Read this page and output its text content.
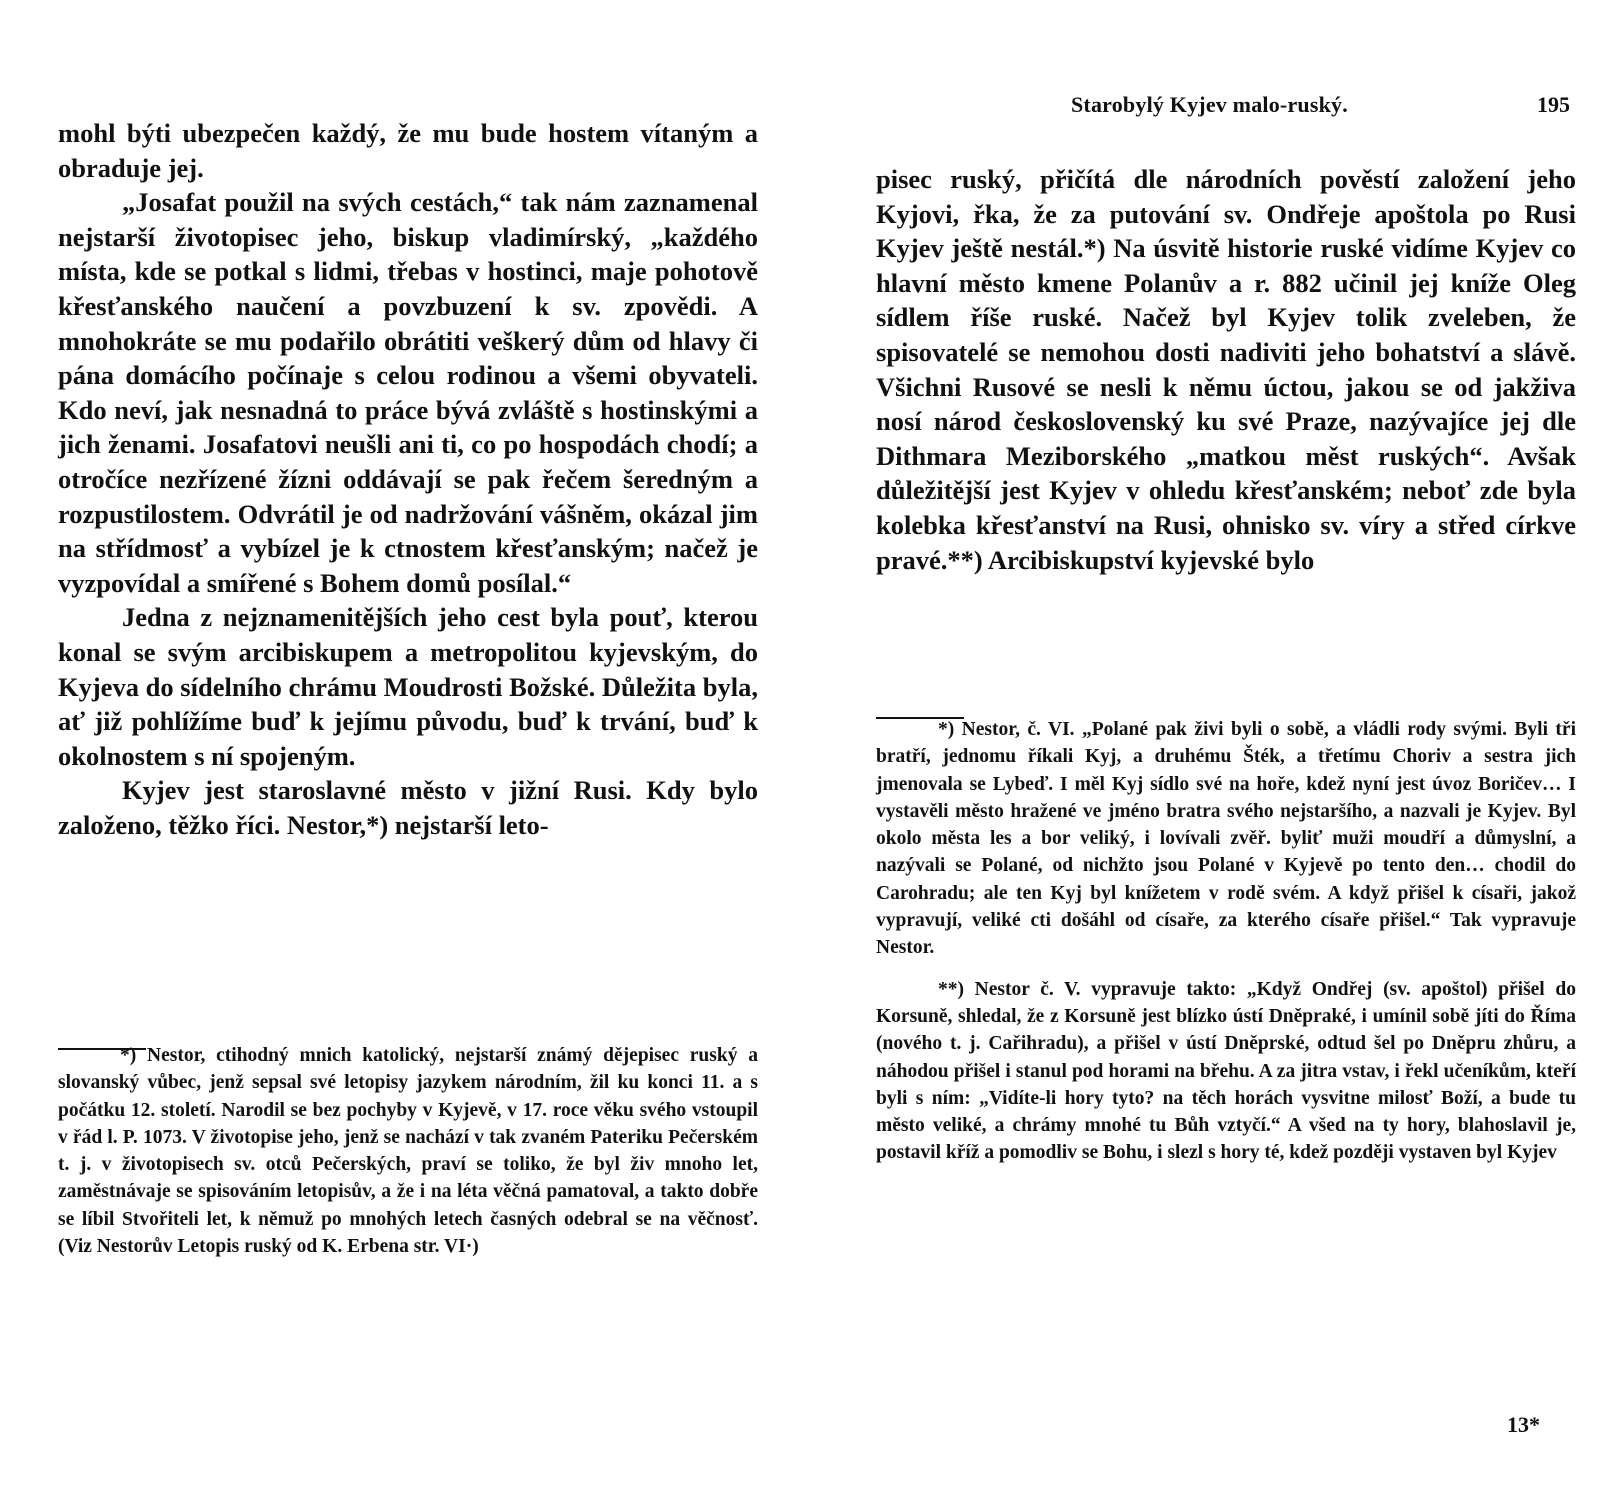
mohl býti ubezpečen každý, že mu bude hostem vítaným a obraduje jej.

„Josafat použil na svých cestách,“ tak nám zaznamenal nejstarší životopisec jeho, biskup vladimírský, „každého místa, kde se potkal s lidmi, třebas v hostinci, maje pohotově křesťanského naučení a povzbuzení k sv. zpovědi. A mnohokráte se mu podařilo obrátiti veškerý dům od hlavy či pána domácího počínaje s celou rodinou a všemi obyvateli. Kdo neví, jak nesnadná to práce bývá zvláště s hostinskými a jich ženami. Josafatovi neušli ani ti, co po hospodách chodí; a otročíce nezřízené žízni oddávají se pak řečem šeredným a rozpustilostem. Odvrátil je od nadržování vášněm, okázal jim na střídmosť a vybízel je k ctnostem křesťanským; načež je vyzpovídal a smířené s Bohem domů posílal.“

Jedna z nejznamenitějších jeho cest byla pouť, kterou konal se svým arcibiskupem a metropolitou kyjevským, do Kyjeva do sídelního chrámu Moudrosti Božské. Důležita byla, ať již pohlížíme buď k jejímu původu, buď k trvání, buď k okolnostem s ní spojeným.

Kyjev jest staroslavné město v jižní Rusi. Kdy bylo založeno, těžko říci. Nestor,*) nejstarší leto-

*) Nestor, ctihodný mnich katolický, nejstarší známý dějepisec ruský a slovanský vůbec, jenž sepsal své letopisy jazykem národním, žil ku konci 11. a s počátku 12. století. Narodil se bez pochyby v Kyjevě, v 17. roce věku svého vstoupil v řád l. P. 1073. V životopise jeho, jenž se nachází v tak zvaném Pateriku Pečerském t. j. v životopisech sv. otců Pečerských, praví se toliko, že byl živ mnoho let, zaměstnávaje se spisováním letopisův, a že i na léta věčná pamatoval, a takto dobře se líbil Stvořiteli let, k němuž po mnohých letech časných odebral se na věčnosť. (Viz Nestorův Letopis ruský od K. Erbena str. VI·)

Starobylý Kyjev malo-ruský.	195

pisec ruský, přičítá dle národních pověstí založení jeho Kyjovi, řka, že za putování sv. Ondřeje apoštola po Rusi Kyjev ještě nestál.*) Na úsvitě historie ruské vidíme Kyjev co hlavní město kmene Polanův a r. 882 učinil jej kníže Oleg sídlem říše ruské. Načež byl Kyjev tolik zveleben, že spisovatelé se nemohou dosti nadiviti jeho bohatství a slávě. Všichni Rusové se nesli k němu úctou, jakou se od jakživa nosí národ československý ku své Praze, nazývajíce jej dle Dithmara Meziborského „matkou měst ruských“. Avšak důležitější jest Kyjev v ohledu křesťanském; neboť zde byla kolebka křesťanství na Rusi, ohnisko sv. víry a střed církve pravé.**) Arcibiskupství kyjevské bylo

*) Nestor, č. VI. „Polané pak živi byli o sobě, a vládli rody svými. Byli tři bratří, jednomu říkali Kyj, a druhému Šték, a třetímu Choriv a sestra jich jmenovala se Lybeď. I měl Kyj sídlo své na hoře, kdež nyní jest úvoz Boričev… I vystavěli město hražené ve jméno bratra svého nejstaršího, a nazvali je Kyjev. Byl okolo města les a bor veliký, i lovívali zvěř. byliť muži moudří a důmyslní, a nazývali se Polané, od nichžto jsou Polané v Kyjevě po tento den… chodil do Carohradu; ale ten Kyj byl knížetem v rodě svém. A když přišel k císaři, jakož vypravují, veliké cti došáhl od císaře, za kterého císaře přišel.“ Tak vypravuje Nestor.

**) Nestor č. V. vypravuje takto: „Když Ondřej (sv. apoštol) přišel do Korsuně, shledal, že z Korsuně jest blízko ústí Dněpraké, i umínil sobě jíti do Říma (nového t. j. Cařihradu), a přišel v ústí Dněprské, odtud šel po Dněpru zhůru, a náhodou přišel i stanul pod horami na břehu. A za jitra vstav, i řekl učeníkům, kteří byli s ním: „Vidíte-li hory tyto? na těch horách vysvitne milosť Boží, a bude tu město veliké, a chrámy mnohé tu Bůh vztyčí.“ A všed na ty hory, blahoslavil je, postavil kříž a pomodliv se Bohu, i slezl s hory té, kdež později vystaven byl Kyjev

13*
